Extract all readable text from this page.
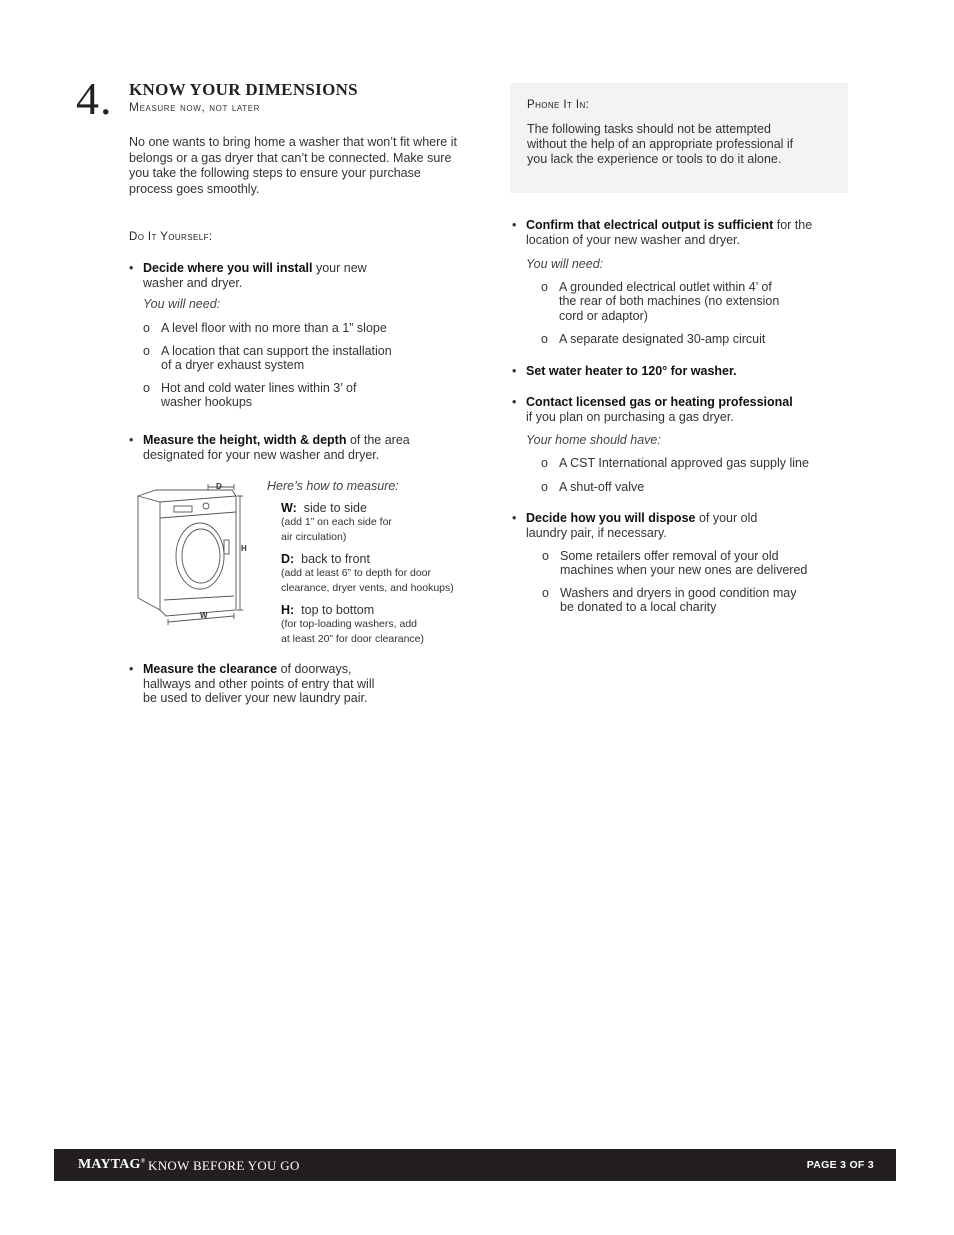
4. KNOW YOUR DIMENSIONS
Measure now, not later
No one wants to bring home a washer that won’t fit where it belongs or a gas dryer that can’t be connected. Make sure you take the following steps to ensure your purchase process goes smoothly.
Do It Yourself:
• Decide where you will install your new
washer and dryer.
You will need:
o A level floor with no more than a 1” slope
o A location that can support the installation
of a dryer exhaust system
o Hot and cold water lines within 3’ of
washer hookups
• Measure the height, width & depth of the area
designated for your new washer and dryer.
D
H
W
Here’s how to measure:
W: side to side
(add 1” on each side for
air circulation)
D: back to front
(add at least 6” to depth for door
clearance, dryer vents, and hookups)
H: top to bottom
(for top-loading washers, add
at least 20” for door clearance)
• Measure the clearance of doorways,
hallways and other points of entry that will
be used to deliver your new laundry pair.
Phone It In:
The following tasks should not be attempted
without the help of an appropriate professional if
you lack the experience or tools to do it alone.
• Confirm that electrical output is sufficient for the
location of your new washer and dryer.
You will need:
o A grounded electrical outlet within 4’ of
the rear of both machines (no extension
cord or adaptor)
o A separate designated 30-amp circuit
• Set water heater to 120° for washer.
• Contact licensed gas or heating professional
if you plan on purchasing a gas dryer.
Your home should have:
o A CST International approved gas supply line
o A shut-off valve
• Decide how you will dispose of your old
laundry pair, if necessary.
o Some retailers offer removal of your old
machines when your new ones are delivered
o Washers and dryers in good condition may
be donated to a local charity
MAYTAG® KNOW BEFORE YOU GO	PAGE 3 OF 3
